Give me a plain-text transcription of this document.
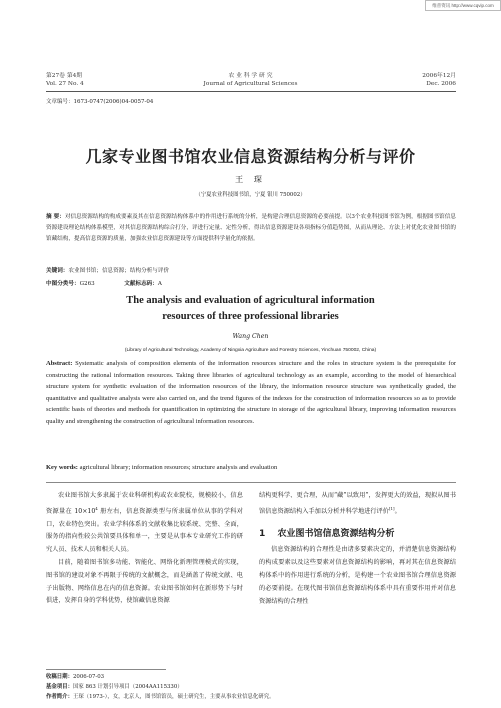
维普资讯 http://www.cqvip.com
第27卷 第4期
Vol. 27 No. 4
农 业 科 学 研 究
Journal of Agricultural Sciences
2006年12月
Dec. 2006
文章编号：1673-0747(2006)04-0057-04
几家专业图书馆农业信息资源结构分析与评价
王 琛
（宁夏农业科技图书馆，宁夏 银川 750002）
摘 要：对信息资源结构的构成要素及其在信息资源结构体系中的作用进行系统的分析，是构建合理信息资源的必要前提。以3个农业科技图书馆为例，根据图书馆信息资源建设理论结构体系模型，对其信息资源结构综合打分，评进行定量、定性分析，得出信息资源建设各项指标分值趋势图，从而从理论、方法上对优化农业图书馆的馆藏结构，提高信息资源的质量，加强农业信息资源建设等方面提供科学量化的依据。
关键词：农业图书馆；信息资源；结构分析与评价
中图分类号：G263	文献标志码：A
The analysis and evaluation of agricultural information
resources of three professional libraries
Wang Chen
(Library of Agricultural Technology, Academy of Ningxia Agriculture and Forestry Sciences, Yinchuan 750002, China)
Abstract: Systematic analysis of composition elements of the information resources structure and the roles in structure system is the prerequisite for constructing the rational information resources. Taking three libraries of agricultural technology as an example, according to the model of hierarchical structure system for synthetic evaluation of the information resources of the library, the information resource structure was synthetically graded, the quantitative and qualitative analysis were also carried on, and the trend figures of the indexes for the construction of information resources so as to provide scientific basis of theories and methods for quantification in optimizing the structure in storage of the agricultural library, improving information resources quality and strengthening the construction of agricultural information resources.
Key words: agricultural library; information resources; structure analysis and evaluation

农业图书馆大多隶属于农业科研机构或农业院校，规模较小，信息资源量在 $10\times 10^4$ 册左右，信息资源类型与所隶属单位从事的学科对口，农业特色突出。农业学科体系的文献收集比较系统、完整、全面，服务的指向性较公共馆要具体和单一，主要是从事本专业研究工作的研究人员、技术人员和相关人员。

目前，随着图书馆多功能、智能化、网络化新理管理模式的实现，图书馆的建设对象不再限于传统的文献概念，而是涵盖了传统文献、电子出版物、网络信息在内的信息资源。农业图书馆如何在新形势下与时俱进，发挥自身的学科优势，使馆藏信息资源

结构更科学、更合理，从而“藏”以致用”，发挥更大的效益，现拟从图书馆信息资源结构入手加以分析并科学地进行评价[1]。

1 农业图书馆信息资源结构分析

信息资源结构的合理性是由诸多要素决定的，并清楚信息资源结构的构成要素以及这些要素对信息资源结构的影响，再对其在信息资源结构体系中的作用进行系统的分析，是构建一个农业图书馆合理信息资源的必要前提。在现代图书馆信息资源结构体系中具有重要作用并对信息资源结构的合理性

收稿日期：2006-07-03
基金项目：国家 863 计划引导项目（2004AA115330）
作者简介：王琛（1973-），女，北京人，图书馆馆员，硕士研究生，主要从事农业信息化研究。
